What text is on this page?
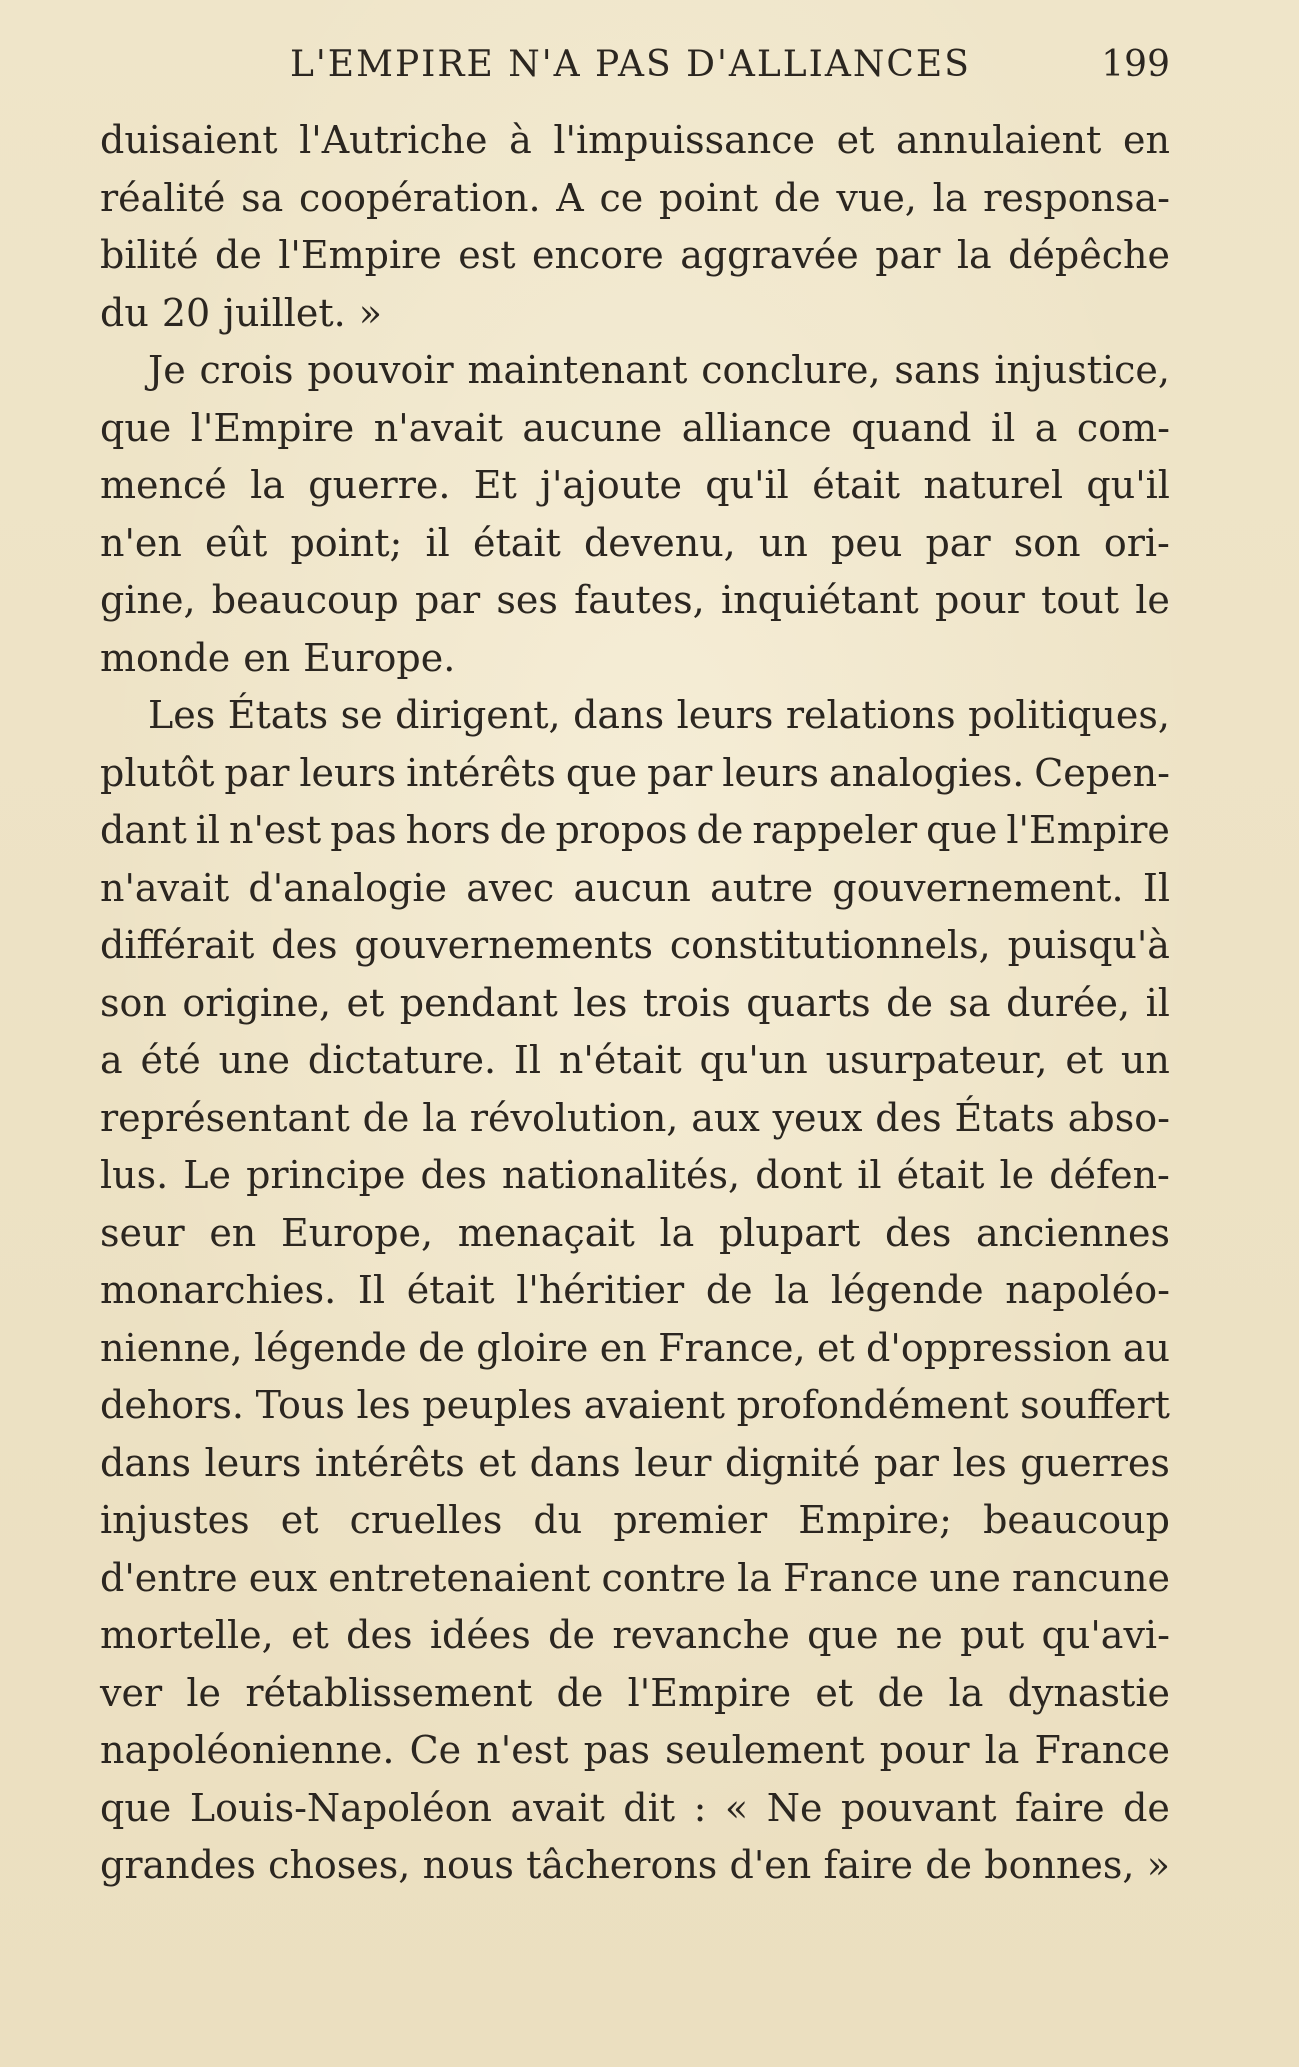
L'EMPIRE N'A PAS D'ALLIANCES	199
duisaient l'Autriche à l'impuissance et annulaient en
réalité sa coopération. A ce point de vue, la responsa-
bilité de l'Empire est encore aggravée par la dépêche
du 20 juillet. »
Je crois pouvoir maintenant conclure, sans injustice,
que l'Empire n'avait aucune alliance quand il a com-
mencé la guerre. Et j'ajoute qu'il était naturel qu'il
n'en eût point; il était devenu, un peu par son ori-
gine, beaucoup par ses fautes, inquiétant pour tout le
monde en Europe.
Les États se dirigent, dans leurs relations politiques,
plutôt par leurs intérêts que par leurs analogies. Cepen-
dant il n'est pas hors de propos de rappeler que l'Empire
n'avait d'analogie avec aucun autre gouvernement. Il
différait des gouvernements constitutionnels, puisqu'à
son origine, et pendant les trois quarts de sa durée, il
a été une dictature. Il n'était qu'un usurpateur, et un
représentant de la révolution, aux yeux des États abso-
lus. Le principe des nationalités, dont il était le défen-
seur en Europe, menaçait la plupart des anciennes
monarchies. Il était l'héritier de la légende napoléo-
nienne, légende de gloire en France, et d'oppression au
dehors. Tous les peuples avaient profondément souffert
dans leurs intérêts et dans leur dignité par les guerres
injustes et cruelles du premier Empire; beaucoup
d'entre eux entretenaient contre la France une rancune
mortelle, et des idées de revanche que ne put qu'avi-
ver le rétablissement de l'Empire et de la dynastie
napoléonienne. Ce n'est pas seulement pour la France
que Louis-Napoléon avait dit : « Ne pouvant faire de
grandes choses, nous tâcherons d'en faire de bonnes, »
